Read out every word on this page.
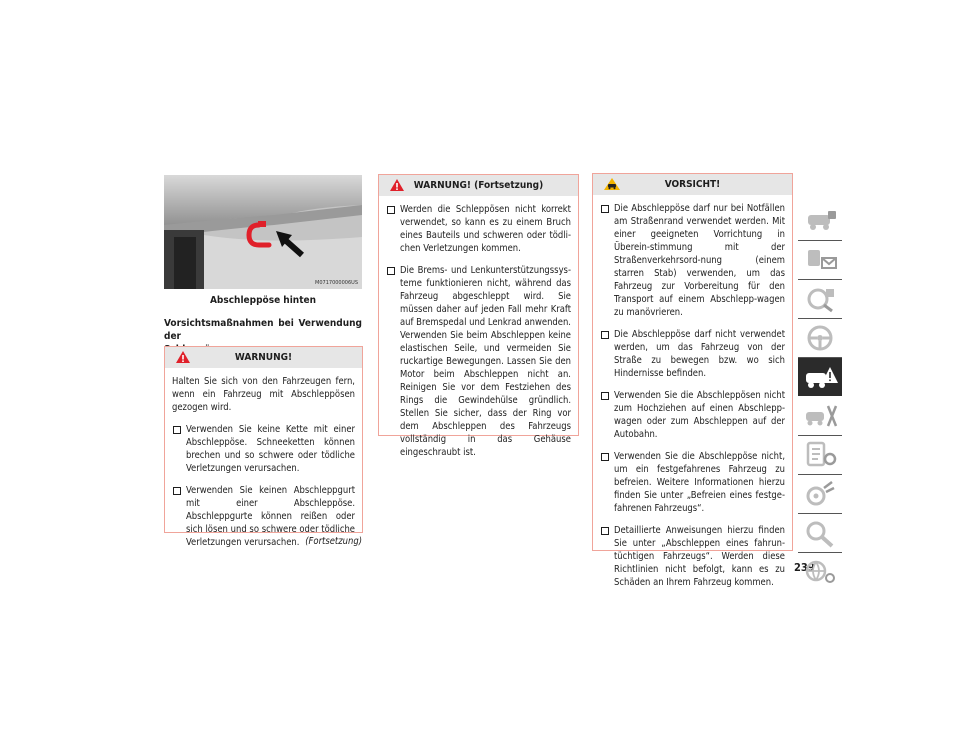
M0717000006US
Abschleppöse hinten
Vorsichtsmaßnahmen bei Verwendung der
WARNUNG!

Halten Sie sich von den Fahrzeugen fern, wenn ein Fahrzeug mit Abschleppösen gezogen wird.

Verwenden Sie keine Kette mit einer Abschleppöse. Schneeketten können brechen und so schwere oder tödliche Verletzungen verursachen.
Verwenden Sie keinen Abschleppgurt mit einer Abschleppöse. Abschleppgurte können reißen oder sich lösen und so schwere oder tödliche Verletzungen verursachen. (Fortsetzung)
WARNUNG! (Fortsetzung)
Werden die Schleppösen nicht korrekt verwendet, so kann es zu einem Bruch eines Bauteils und schweren oder tödli-chen Verletzungen kommen.
Die Brems- und Lenkunterstützungssys-teme funktionieren nicht, während das Fahrzeug abgeschleppt wird. Sie müssen daher auf jeden Fall mehr Kraft auf Bremspedal und Lenkrad anwenden. Verwenden Sie beim Abschleppen keine elastischen Seile, und vermeiden Sie ruckartige Bewegungen. Lassen Sie den Motor beim Abschleppen nicht an. Reinigen Sie vor dem Festziehen des Rings die Gewindehülse gründlich. Stellen Sie sicher, dass der Ring vor dem Abschleppen des Fahrzeugs vollständig in das Gehäuse eingeschraubt ist.
VORSICHT!
Die Abschleppöse darf nur bei Notfällen am Straßenrand verwendet werden. Mit einer geeigneten Vorrichtung in Überein-stimmung mit der Straßenverkehrsord-nung (einem starren Stab) verwenden, um das Fahrzeug zur Vorbereitung für den Transport auf einem Abschlepp-wagen zu manövrieren.
Die Abschleppöse darf nicht verwendet werden, um das Fahrzeug von der Straße zu bewegen bzw. wo sich Hindernisse befinden.
Verwenden Sie die Abschleppösen nicht zum Hochziehen auf einen Abschlepp-wagen oder zum Abschleppen auf der Autobahn.
Verwenden Sie die Abschleppöse nicht, um ein festgefahrenes Fahrzeug zu befreien. Weitere Informationen hierzu finden Sie unter „Befreien eines festge-fahrenen Fahrzeugs“.
Detaillierte Anweisungen hierzu finden Sie unter „Abschleppen eines fahrun-tüchtigen Fahrzeugs“. Werden diese Richtlinien nicht befolgt, kann es zu Schäden an Ihrem Fahrzeug kommen.
239
